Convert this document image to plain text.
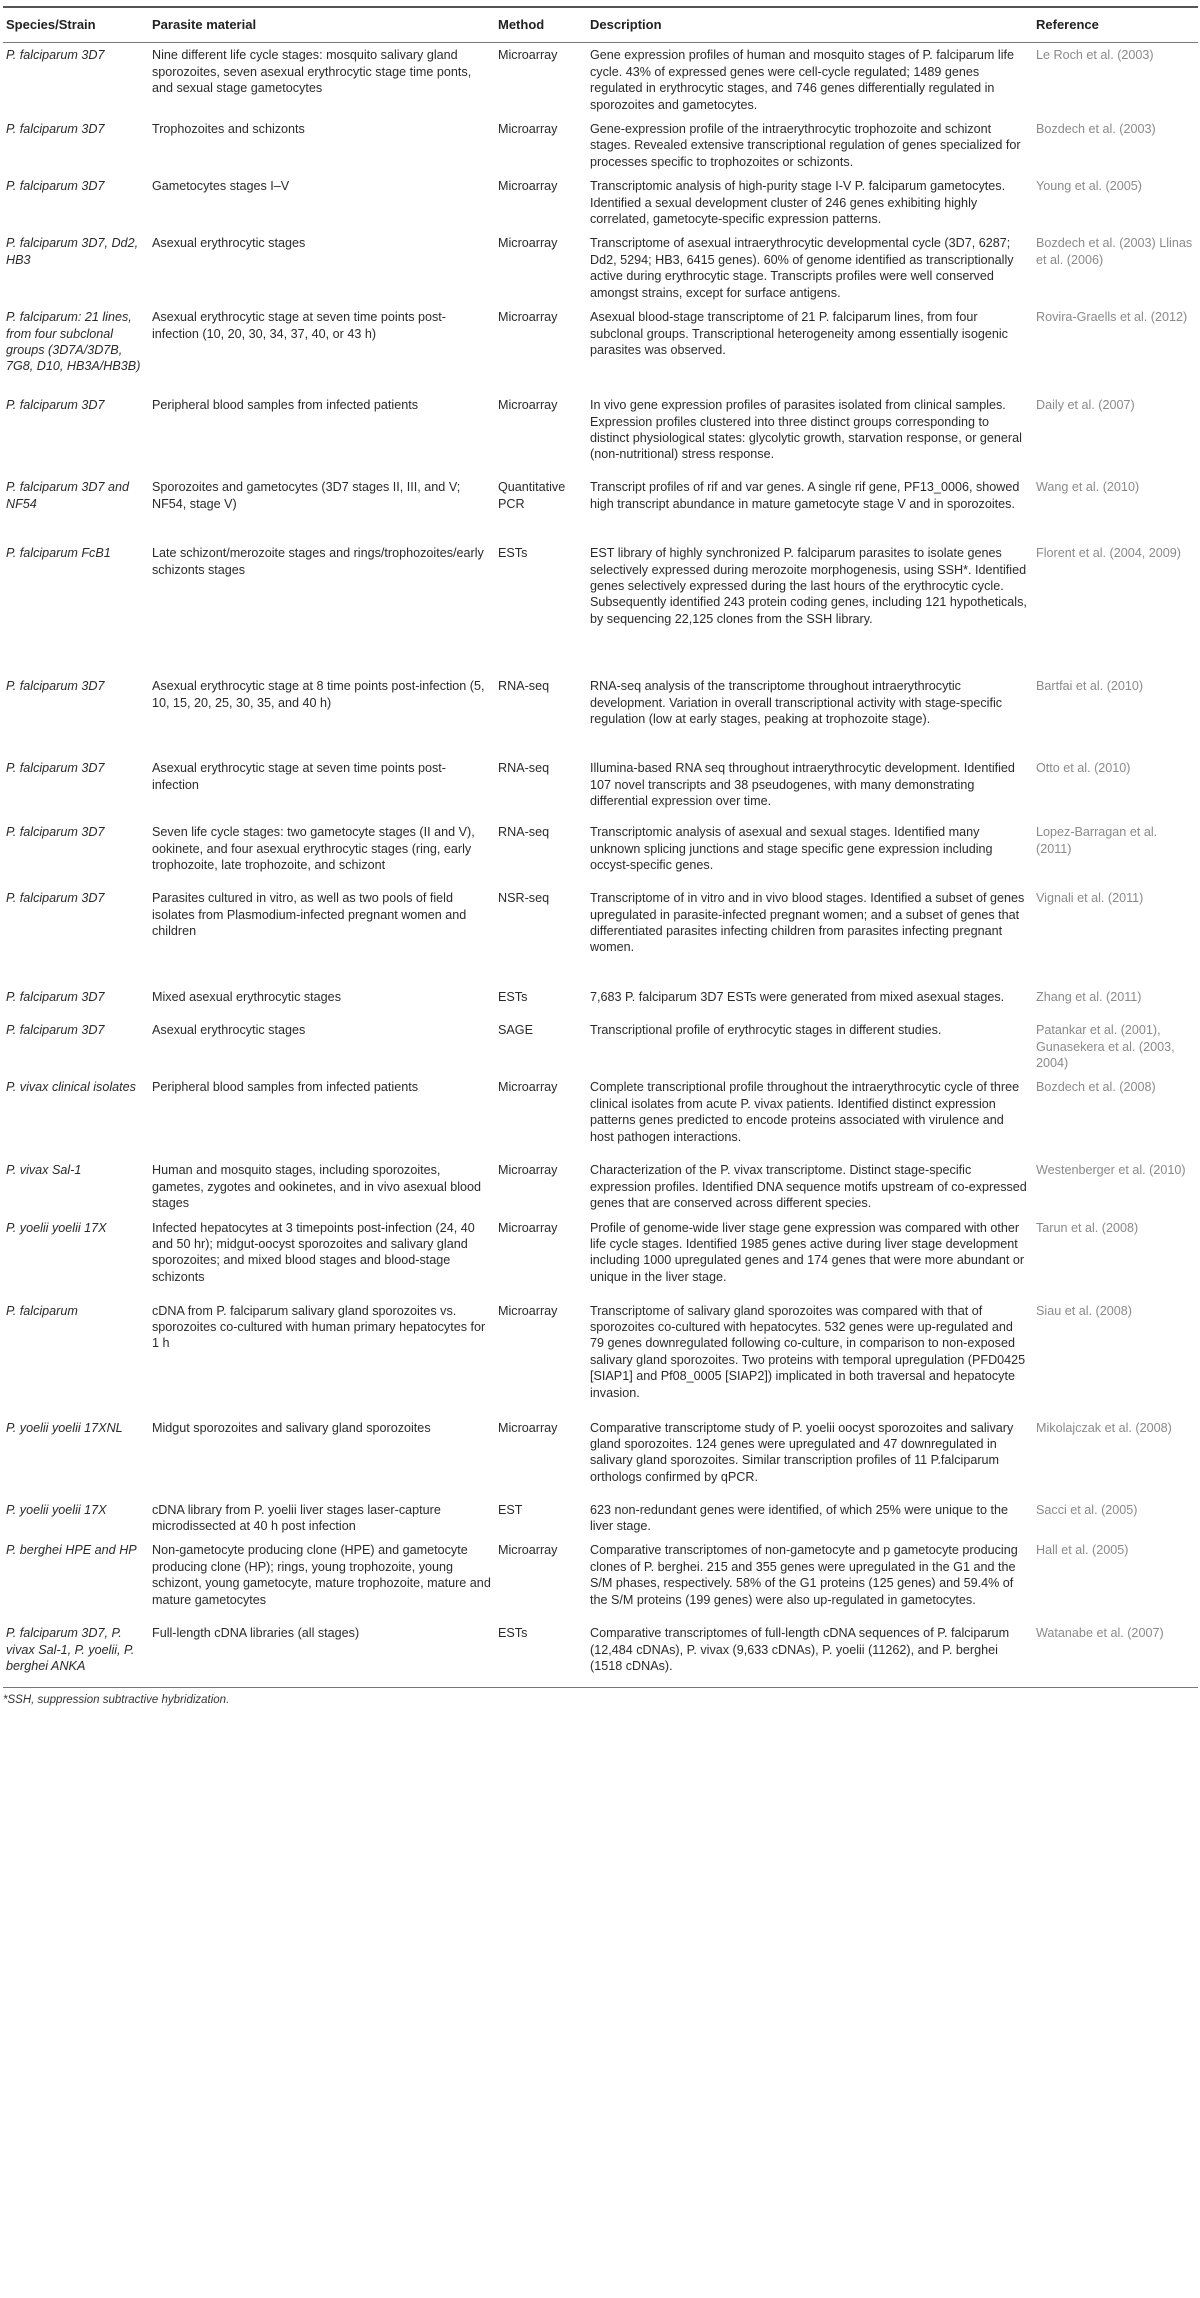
Species/Strain	Parasite material	Method	Description	Reference
P. falciparum 3D7	Nine different life cycle stages: mosquito salivary gland sporozoites, seven asexual erythrocytic stage time ponts, and sexual stage gametocytes	Microarray	Gene expression profiles of human and mosquito stages of P. falciparum life cycle. 43% of expressed genes were cell-cycle regulated; 1489 genes regulated in erythrocytic stages, and 746 genes differentially regulated in sporozoites and gametocytes.	Le Roch et al. (2003)
P. falciparum 3D7	Trophozoites and schizonts	Microarray	Gene-expression profile of the intraerythrocytic trophozoite and schizont stages. Revealed extensive transcriptional regulation of genes specialized for processes specific to trophozoites or schizonts.	Bozdech et al. (2003)
P. falciparum 3D7	Gametocytes stages I–V	Microarray	Transcriptomic analysis of high-purity stage I-V P. falciparum gametocytes. Identified a sexual development cluster of 246 genes exhibiting highly correlated, gametocyte-specific expression patterns.	Young et al. (2005)
P. falciparum 3D7, Dd2, HB3	Asexual erythrocytic stages	Microarray	Transcriptome of asexual intraerythrocytic developmental cycle (3D7, 6287; Dd2, 5294; HB3, 6415 genes). 60% of genome identified as transcriptionally active during erythrocytic stage. Transcripts profiles were well conserved amongst strains, except for surface antigens.	Bozdech et al. (2003) Llinas et al. (2006)
P. falciparum: 21 lines, from four subclonal groups (3D7A/3D7B, 7G8, D10, HB3A/HB3B)	Asexual erythrocytic stage at seven time points post-infection (10, 20, 30, 34, 37, 40, or 43 h)	Microarray	Asexual blood-stage transcriptome of 21 P. falciparum lines, from four subclonal groups. Transcriptional heterogeneity among essentially isogenic parasites was observed.	Rovira-Graells et al. (2012)
P. falciparum 3D7	Peripheral blood samples from infected patients	Microarray	In vivo gene expression profiles of parasites isolated from clinical samples. Expression profiles clustered into three distinct groups corresponding to distinct physiological states: glycolytic growth, starvation response, or general (non-nutritional) stress response.	Daily et al. (2007)
P. falciparum 3D7 and NF54	Sporozoites and gametocytes (3D7 stages II, III, and V; NF54, stage V)	Quantitative PCR	Transcript profiles of rif and var genes. A single rif gene, PF13_0006, showed high transcript abundance in mature gametocyte stage V and in sporozoites.	Wang et al. (2010)
P. falciparum FcB1	Late schizont/merozoite stages and rings/trophozoites/early schizonts stages	ESTs	EST library of highly synchronized P. falciparum parasites to isolate genes selectively expressed during merozoite morphogenesis, using SSH*. Identified genes selectively expressed during the last hours of the erythrocytic cycle. Subsequently identified 243 protein coding genes, including 121 hypotheticals, by sequencing 22,125 clones from the SSH library.	Florent et al. (2004, 2009)
P. falciparum 3D7	Asexual erythrocytic stage at 8 time points post-infection (5, 10, 15, 20, 25, 30, 35, and 40 h)	RNA-seq	RNA-seq analysis of the transcriptome throughout intraerythrocytic development. Variation in overall transcriptional activity with stage-specific regulation (low at early stages, peaking at trophozoite stage).	Bartfai et al. (2010)
P. falciparum 3D7	Asexual erythrocytic stage at seven time points post-infection	RNA-seq	Illumina-based RNA seq throughout intraerythrocytic development. Identified 107 novel transcripts and 38 pseudogenes, with many demonstrating differential expression over time.	Otto et al. (2010)
P. falciparum 3D7	Seven life cycle stages: two gametocyte stages (II and V), ookinete, and four asexual erythrocytic stages (ring, early trophozoite, late trophozoite, and schizont	RNA-seq	Transcriptomic analysis of asexual and sexual stages. Identified many unknown splicing junctions and stage specific gene expression including occyst-specific genes.	Lopez-Barragan et al. (2011)
P. falciparum 3D7	Parasites cultured in vitro, as well as two pools of field isolates from Plasmodium-infected pregnant women and children	NSR-seq	Transcriptome of in vitro and in vivo blood stages. Identified a subset of genes upregulated in parasite-infected pregnant women; and a subset of genes that differentiated parasites infecting children from parasites infecting pregnant women.	Vignali et al. (2011)
P. falciparum 3D7	Mixed asexual erythrocytic stages	ESTs	7,683 P. falciparum 3D7 ESTs were generated from mixed asexual stages.	Zhang et al. (2011)
P. falciparum 3D7	Asexual erythrocytic stages	SAGE	Transcriptional profile of erythrocytic stages in different studies.	Patankar et al. (2001), Gunasekera et al. (2003, 2004)
P. vivax clinical isolates	Peripheral blood samples from infected patients	Microarray	Complete transcriptional profile throughout the intraerythrocytic cycle of three clinical isolates from acute P. vivax patients. Identified distinct expression patterns genes predicted to encode proteins associated with virulence and host pathogen interactions.	Bozdech et al. (2008)
P. vivax Sal-1	Human and mosquito stages, including sporozoites, gametes, zygotes and ookinetes, and in vivo asexual blood stages	Microarray	Characterization of the P. vivax transcriptome. Distinct stage-specific expression profiles. Identified DNA sequence motifs upstream of co-expressed genes that are conserved across different species.	Westenberger et al. (2010)
P. yoelii yoelii 17X	Infected hepatocytes at 3 timepoints post-infection (24, 40 and 50 hr); midgut-oocyst sporozoites and salivary gland sporozoites; and mixed blood stages and blood-stage schizonts	Microarray	Profile of genome-wide liver stage gene expression was compared with other life cycle stages. Identified 1985 genes active during liver stage development including 1000 upregulated genes and 174 genes that were more abundant or unique in the liver stage.	Tarun et al. (2008)
P. falciparum	cDNA from P. falciparum salivary gland sporozoites vs. sporozoites co-cultured with human primary hepatocytes for 1 h	Microarray	Transcriptome of salivary gland sporozoites was compared with that of sporozoites co-cultured with hepatocytes. 532 genes were up-regulated and 79 genes downregulated following co-culture, in comparison to non-exposed salivary gland sporozoites. Two proteins with temporal upregulation (PFD0425 [SIAP1] and Pf08_0005 [SIAP2]) implicated in both traversal and hepatocyte invasion.	Siau et al. (2008)
P. yoelii yoelii 17XNL	Midgut sporozoites and salivary gland sporozoites	Microarray	Comparative transcriptome study of P. yoelii oocyst sporozoites and salivary gland sporozoites. 124 genes were upregulated and 47 downregulated in salivary gland sporozoites. Similar transcription profiles of 11 P.falciparum orthologs confirmed by qPCR.	Mikolajczak et al. (2008)
P. yoelii yoelii 17X	cDNA library from P. yoelii liver stages laser-capture microdissected at 40 h post infection	EST	623 non-redundant genes were identified, of which 25% were unique to the liver stage.	Sacci et al. (2005)
P. berghei HPE and HP	Non-gametocyte producing clone (HPE) and gametocyte producing clone (HP); rings, young trophozoite, young schizont, young gametocyte, mature trophozoite, mature and mature gametocytes	Microarray	Comparative transcriptomes of non-gametocyte and p gametocyte producing clones of P. berghei. 215 and 355 genes were upregulated in the G1 and the S/M phases, respectively. 58% of the G1 proteins (125 genes) and 59.4% of the S/M proteins (199 genes) were also up-regulated in gametocytes.	Hall et al. (2005)
P. falciparum 3D7, P. vivax Sal-1, P. yoelii, P. berghei ANKA	Full-length cDNA libraries (all stages)	ESTs	Comparative transcriptomes of full-length cDNA sequences of P. falciparum (12,484 cDNAs), P. vivax (9,633 cDNAs), P. yoelii (11262), and P. berghei (1518 cDNAs).	Watanabe et al. (2007)
*SSH, suppression subtractive hybridization.
